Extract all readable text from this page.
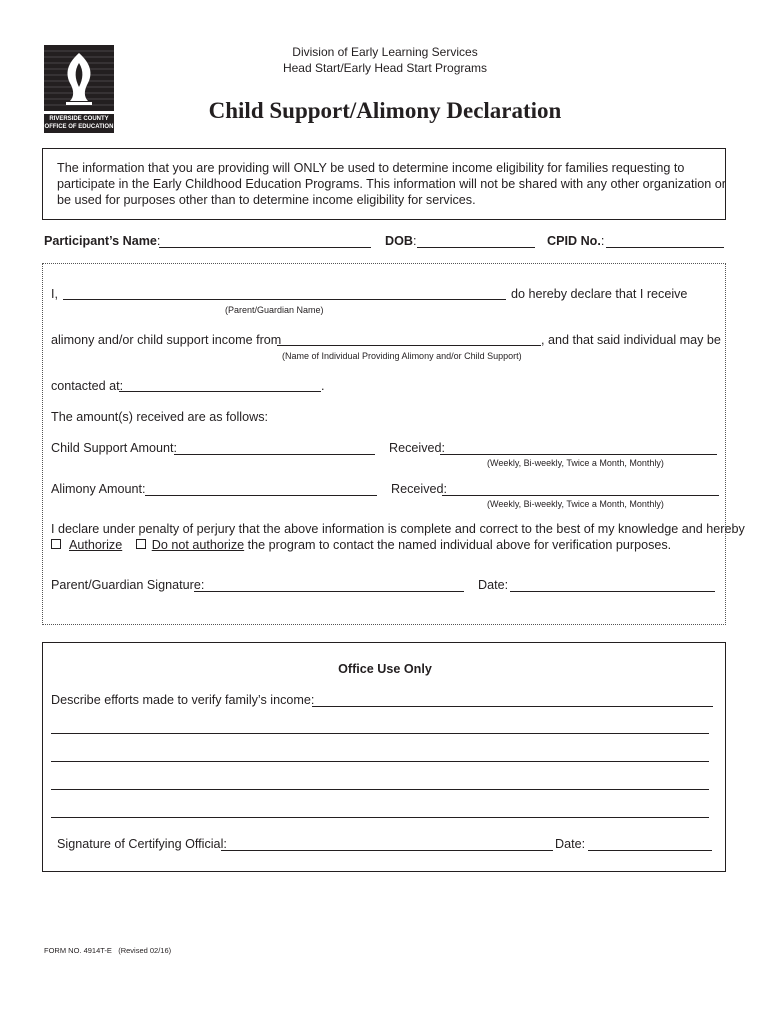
RIVERSIDE COUNTY
OFFICE OF EDUCATION
Division of Early Learning Services
Head Start/Early Head Start Programs
Child Support/Alimony Declaration
The information that you are providing will ONLY be used to determine income eligibility for families requesting to
participate in the Early Childhood Education Programs. This information will not be shared with any other organization or
be used for purposes other than to determine income eligibility for services.
Participant’s Name:	DOB:	CPID No.:
I,	do hereby declare that I receive
(Parent/Guardian Name)
alimony and/or child support income from	, and that said individual may be
(Name of Individual Providing Alimony and/or Child Support)
contacted at:	.
The amount(s) received are as follows:
Child Support Amount:	Received:
(Weekly, Bi-weekly, Twice a Month, Monthly)
Alimony Amount:	Received:
(Weekly, Bi-weekly, Twice a Month, Monthly)
I declare under penalty of perjury that the above information is complete and correct to the best of my knowledge and hereby
Authorize Do not authorize the program to contact the named individual above for verification purposes.
Parent/Guardian Signature:	Date:
Office Use Only
Describe efforts made to verify family’s income:
Signature of Certifying Official:	Date:
FORM NO. 4914T-E (Revised 02/16)
